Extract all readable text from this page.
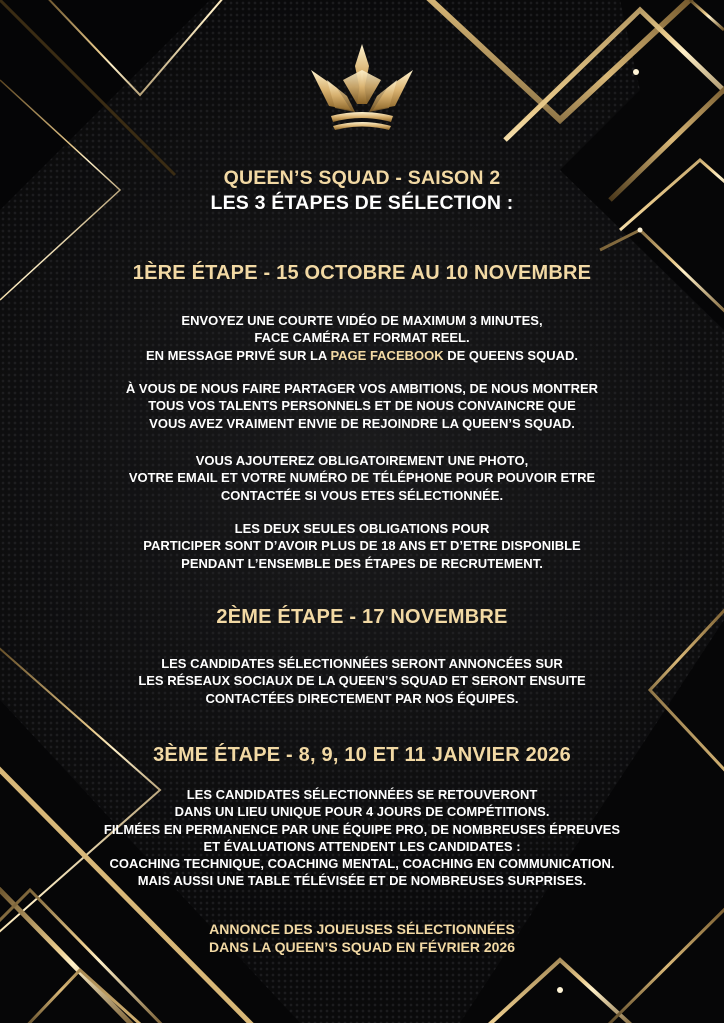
QUEEN’S SQUAD - SAISON 2
LES 3 ÉTAPES DE SÉLECTION :
1ÈRE ÉTAPE - 15 OCTOBRE AU 10 NOVEMBRE
ENVOYEZ UNE COURTE VIDÉO DE MAXIMUM 3 MINUTES,
FACE CAMÉRA ET FORMAT REEL.
EN MESSAGE PRIVÉ SUR LA PAGE FACEBOOK DE QUEENS SQUAD.
À VOUS DE NOUS FAIRE PARTAGER VOS AMBITIONS, DE NOUS MONTRER
TOUS VOS TALENTS PERSONNELS ET DE NOUS CONVAINCRE QUE
VOUS AVEZ VRAIMENT ENVIE DE REJOINDRE LA QUEEN’S SQUAD.
VOUS AJOUTEREZ OBLIGATOIREMENT UNE PHOTO,
VOTRE EMAIL ET VOTRE NUMÉRO DE TÉLÉPHONE POUR POUVOIR ETRE
CONTACTÉE SI VOUS ETES SÉLECTIONNÉE.
LES DEUX SEULES OBLIGATIONS POUR
PARTICIPER SONT D’AVOIR PLUS DE 18 ANS ET D’ETRE DISPONIBLE
PENDANT L’ENSEMBLE DES ÉTAPES DE RECRUTEMENT.
2ÈME ÉTAPE - 17 NOVEMBRE
LES CANDIDATES SÉLECTIONNÉES SERONT ANNONCÉES SUR
LES RÉSEAUX SOCIAUX DE LA QUEEN’S SQUAD ET SERONT ENSUITE
CONTACTÉES DIRECTEMENT PAR NOS ÉQUIPES.
3ÈME ÉTAPE - 8, 9, 10 ET 11 JANVIER 2026
LES CANDIDATES SÉLECTIONNÉES SE RETOUVERONT
DANS UN LIEU UNIQUE POUR 4 JOURS DE COMPÉTITIONS.
FILMÉES EN PERMANENCE PAR UNE ÉQUIPE PRO, DE NOMBREUSES ÉPREUVES
ET ÉVALUATIONS ATTENDENT LES CANDIDATES :
COACHING TECHNIQUE, COACHING MENTAL, COACHING EN COMMUNICATION.
MAIS AUSSI UNE TABLE TÉLÉVISÉE ET DE NOMBREUSES SURPRISES.
ANNONCE DES JOUEUSES SÉLECTIONNÉES
DANS LA QUEEN’S SQUAD EN FÉVRIER 2026
